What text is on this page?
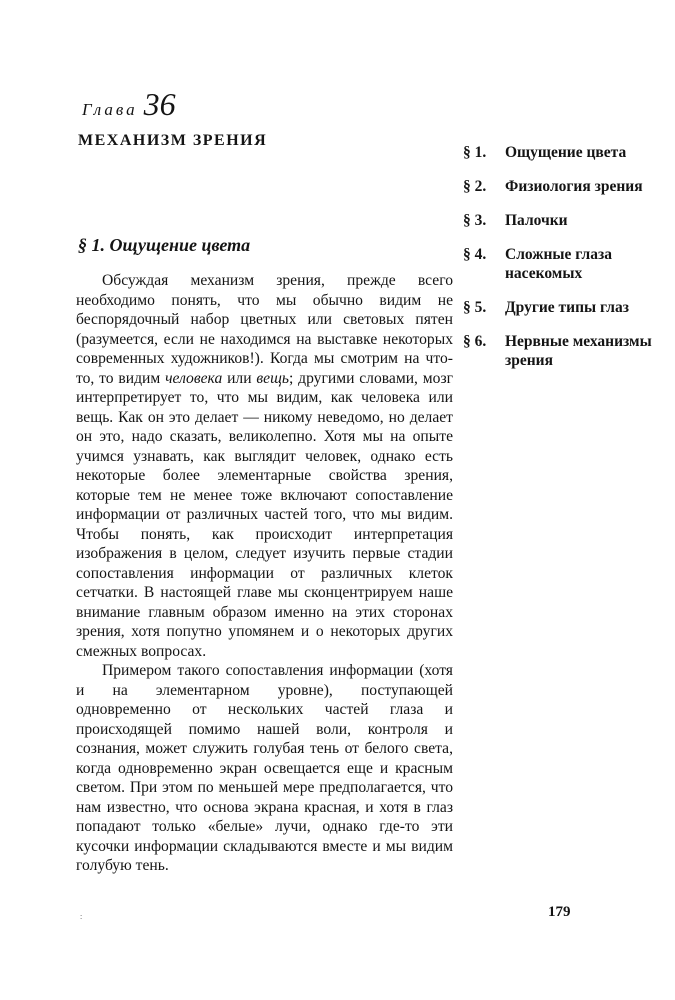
Глава 36
МЕХАНИЗМ ЗРЕНИЯ
§ 1.	Ощущение цвета
§ 2.	Физиология зрения
§ 3.	Палочки
§ 4.	Сложные глаза насекомых
§ 5.	Другие типы глаз
§ 6.	Нервные механизмы зрения
§ 1. Ощущение цвета

Обсуждая механизм зрения, прежде всего необходимо понять, что мы обычно видим не беспорядочный набор цветных или световых пятен (разумеется, если не находимся на выставке некоторых современных художников!). Когда мы смотрим на что-то, то видим человека или вещь; другими словами, мозг интерпретирует то, что мы видим, как человека или вещь. Как он это делает — никому неведомо, но делает он это, надо сказать, великолепно. Хотя мы на опыте учимся узнавать, как выглядит человек, однако есть некоторые более элементарные свойства зрения, которые тем не менее тоже включают сопоставление информации от различных частей того, что мы видим. Чтобы понять, как происходит интерпретация изображения в целом, следует изучить первые стадии сопоставления информации от различных клеток сетчатки. В настоящей главе мы сконцентрируем наше внимание главным образом именно на этих сторонах зрения, хотя попутно упомянем и о некоторых других смежных вопросах.

Примером такого сопоставления информации (хотя и на элементарном уровне), поступающей одновременно от нескольких частей глаза и происходящей помимо нашей воли, контроля и сознания, может служить голубая тень от белого света, когда одновременно экран освещается еще и красным светом. При этом по меньшей мере предполагается, что нам известно, что основа экрана красная, и хотя в глаз попадают только «белые» лучи, однако где-то эти кусочки информации складываются вместе и мы видим голубую тень.

:	179
